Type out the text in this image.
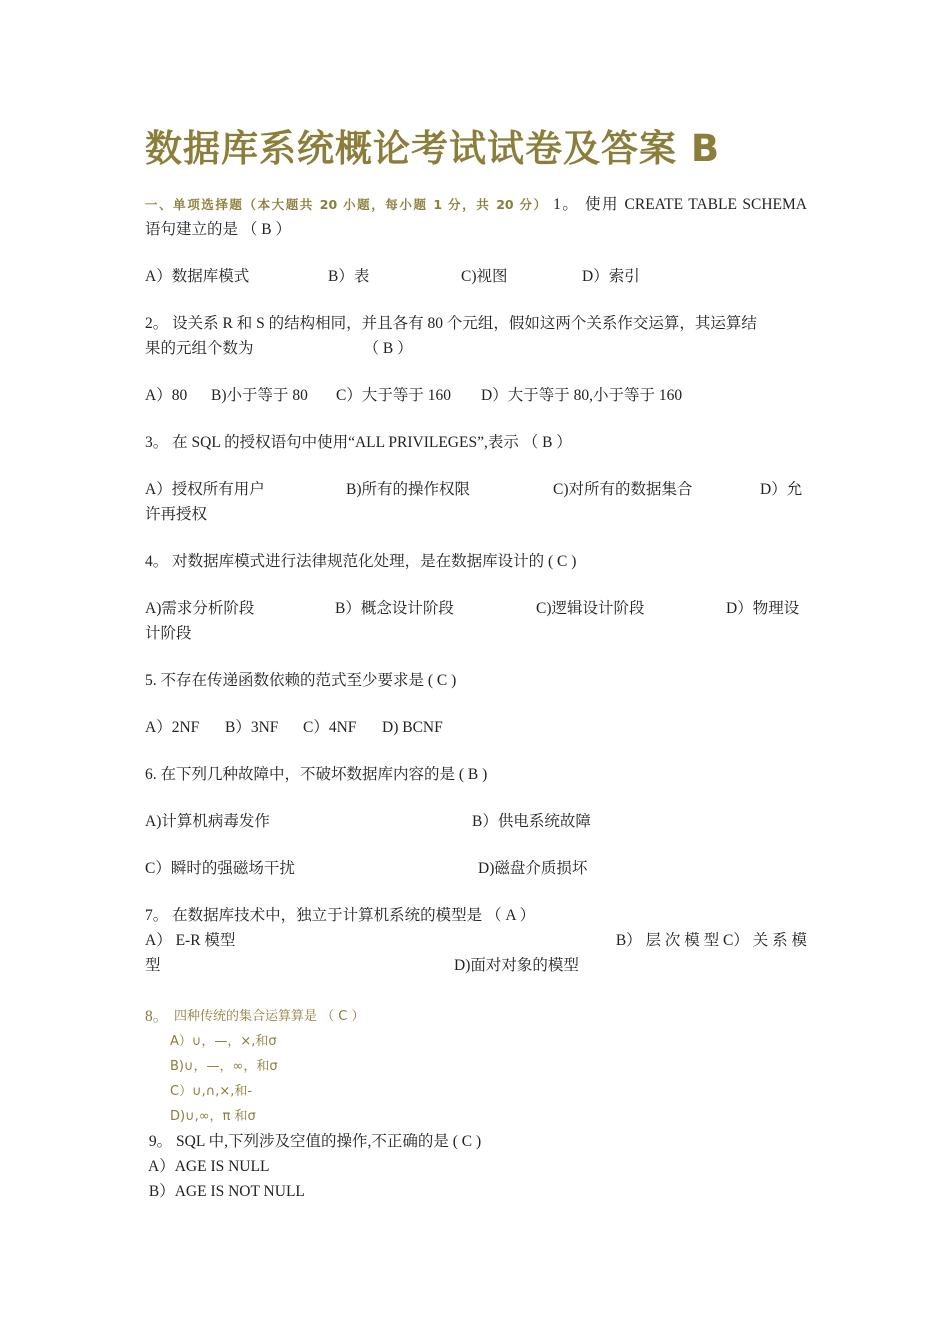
数据库系统概论考试试卷及答案 B

一、单项选择题（本大题共 20 小题，每小题 1 分，共 20 分） 1。 使用 CREATE TABLE SCHEMA

语句建立的是 （ B ）

A）数据库模式	B）表	C)视图	D）索引

2。 设关系 R 和 S 的结构相同，并且各有 80 个元组，假如这两个关系作交运算，其运算结

果的元组个数为	（ B ）

A）80	B)小于等于 80	C）大于等于 160	D）大于等于 80,小于等于 160

3。 在 SQL 的授权语句中使用“ALL PRIVILEGES”,表示 （ B ）

A）授权所有用户	B)所有的操作权限	C)对所有的数据集合	D）允

许再授权

4。 对数据库模式进行法律规范化处理，是在数据库设计的 ( C )

A)需求分析阶段	B）概念设计阶段	C)逻辑设计阶段	D）物理设

计阶段

5. 不存在传递函数依赖的范式至少要求是 ( C )

A）2NF	B）3NF	C）4NF	D) BCNF

6. 在下列几种故障中，不破坏数据库内容的是 ( B )

A)计算机病毒发作	B）供电系统故障
C）瞬时的强磁场干扰	D)磁盘介质损坏

7。 在数据库技术中，独立于计算机系统的模型是 （ A ）

A） E-R 模型	B） 层 次 模 型 C） 关 系 模
型	D)面对对象的模型
8。 四种传统的集合运算算是 （ C ）
A）∪，—，×,和σ
B)∪，—，∞，和σ
C）∪,∩,×,和-
D)∪,∞，π 和σ

9。 SQL 中,下列涉及空值的操作,不正确的是 ( C )

A）AGE IS NULL

B）AGE IS NOT NULL
